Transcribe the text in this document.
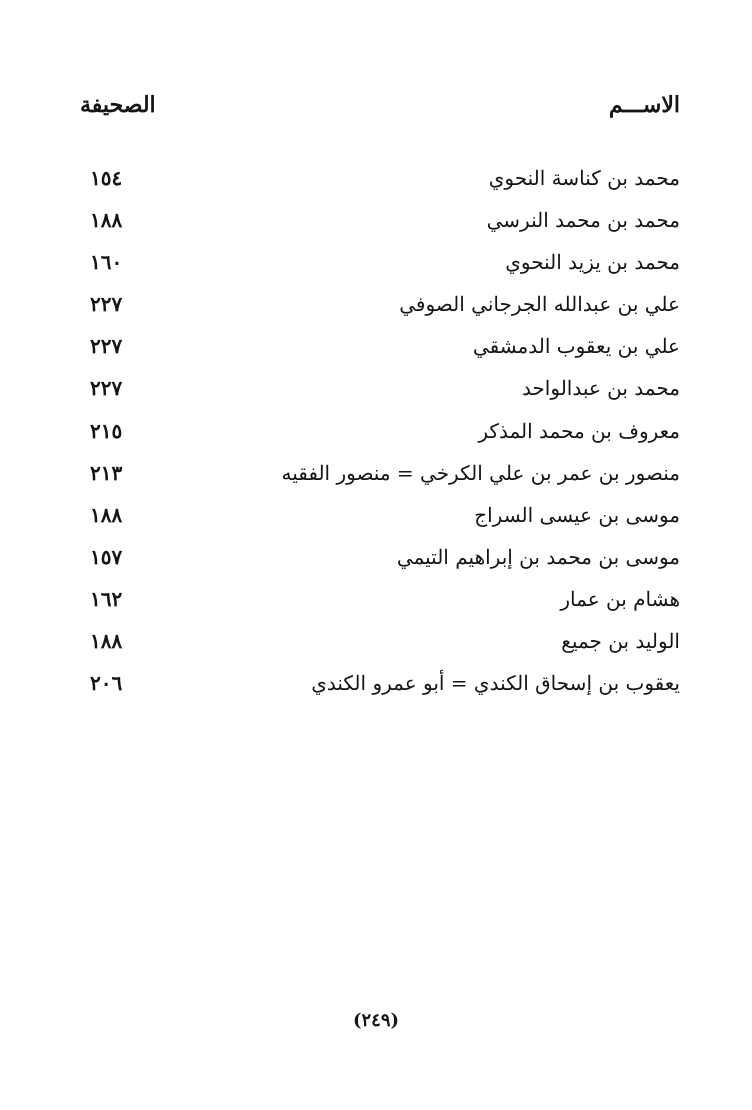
الاســـم
الصحيفة
محمد بن كناسة النحوي
١٥٤
محمد بن محمد النرسي
١٨٨
محمد بن يزيد النحوي
١٦٠
علي بن عبدالله الجرجاني الصوفي
٢٢٧
علي بن يعقوب الدمشقي
٢٢٧
محمد بن عبدالواحد
٢٢٧
معروف بن محمد المذكر
٢١٥
منصور بن عمر بن علي الكرخي = منصور الفقيه
٢١٣
موسى بن عيسى السراج
١٨٨
موسى بن محمد بن إبراهيم التيمي
١٥٧
هشام بن عمار
١٦٢
الوليد بن جميع
١٨٨
يعقوب بن إسحاق الكندي = أبو عمرو الكندي
٢٠٦
(٢٤٩)
